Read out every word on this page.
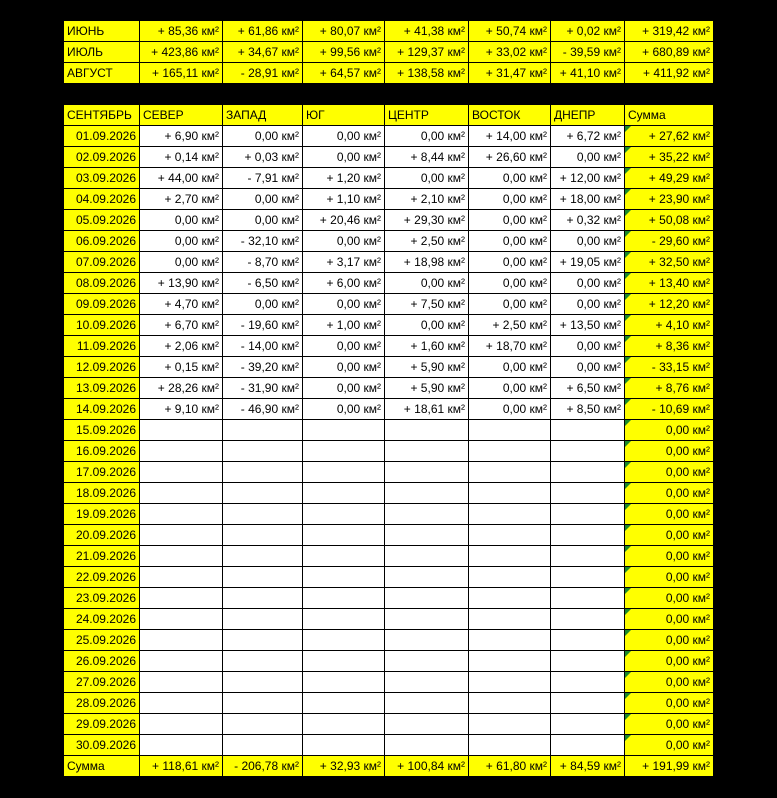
ИЮНЬ	+ 85,36 км²	+ 61,86 км²	+ 80,07 км²	+ 41,38 км²	+ 50,74 км²	+ 0,02 км²	+ 319,42 км²
ИЮЛЬ	+ 423,86 км²	+ 34,67 км²	+ 99,56 км²	+ 129,37 км²	+ 33,02 км²	- 39,59 км²	+ 680,89 км²
АВГУСТ	+ 165,11 км²	- 28,91 км²	+ 64,57 км²	+ 138,58 км²	+ 31,47 км²	+ 41,10 км²	+ 411,92 км²
СЕНТЯБРЬ	СЕВЕР	ЗАПАД	ЮГ	ЦЕНТР	ВОСТОК	ДНЕПР	Сумма
01.09.2026	+ 6,90 км²	0,00 км²	0,00 км²	0,00 км²	+ 14,00 км²	+ 6,72 км²	+ 27,62 км²
02.09.2026	+ 0,14 км²	+ 0,03 км²	0,00 км²	+ 8,44 км²	+ 26,60 км²	0,00 км²	+ 35,22 км²
03.09.2026	+ 44,00 км²	- 7,91 км²	+ 1,20 км²	0,00 км²	0,00 км²	+ 12,00 км²	+ 49,29 км²
04.09.2026	+ 2,70 км²	0,00 км²	+ 1,10 км²	+ 2,10 км²	0,00 км²	+ 18,00 км²	+ 23,90 км²
05.09.2026	0,00 км²	0,00 км²	+ 20,46 км²	+ 29,30 км²	0,00 км²	+ 0,32 км²	+ 50,08 км²
06.09.2026	0,00 км²	- 32,10 км²	0,00 км²	+ 2,50 км²	0,00 км²	0,00 км²	- 29,60 км²
07.09.2026	0,00 км²	- 8,70 км²	+ 3,17 км²	+ 18,98 км²	0,00 км²	+ 19,05 км²	+ 32,50 км²
08.09.2026	+ 13,90 км²	- 6,50 км²	+ 6,00 км²	0,00 км²	0,00 км²	0,00 км²	+ 13,40 км²
09.09.2026	+ 4,70 км²	0,00 км²	0,00 км²	+ 7,50 км²	0,00 км²	0,00 км²	+ 12,20 км²
10.09.2026	+ 6,70 км²	- 19,60 км²	+ 1,00 км²	0,00 км²	+ 2,50 км²	+ 13,50 км²	+ 4,10 км²
11.09.2026	+ 2,06 км²	- 14,00 км²	0,00 км²	+ 1,60 км²	+ 18,70 км²	0,00 км²	+ 8,36 км²
12.09.2026	+ 0,15 км²	- 39,20 км²	0,00 км²	+ 5,90 км²	0,00 км²	0,00 км²	- 33,15 км²
13.09.2026	+ 28,26 км²	- 31,90 км²	0,00 км²	+ 5,90 км²	0,00 км²	+ 6,50 км²	+ 8,76 км²
14.09.2026	+ 9,10 км²	- 46,90 км²	0,00 км²	+ 18,61 км²	0,00 км²	+ 8,50 км²	- 10,69 км²
15.09.2026							0,00 км²
16.09.2026							0,00 км²
17.09.2026							0,00 км²
18.09.2026							0,00 км²
19.09.2026							0,00 км²
20.09.2026							0,00 км²
21.09.2026							0,00 км²
22.09.2026							0,00 км²
23.09.2026							0,00 км²
24.09.2026							0,00 км²
25.09.2026							0,00 км²
26.09.2026							0,00 км²
27.09.2026							0,00 км²
28.09.2026							0,00 км²
29.09.2026							0,00 км²
30.09.2026							0,00 км²
Сумма	+ 118,61 км²	- 206,78 км²	+ 32,93 км²	+ 100,84 км²	+ 61,80 км²	+ 84,59 км²	+ 191,99 км²
